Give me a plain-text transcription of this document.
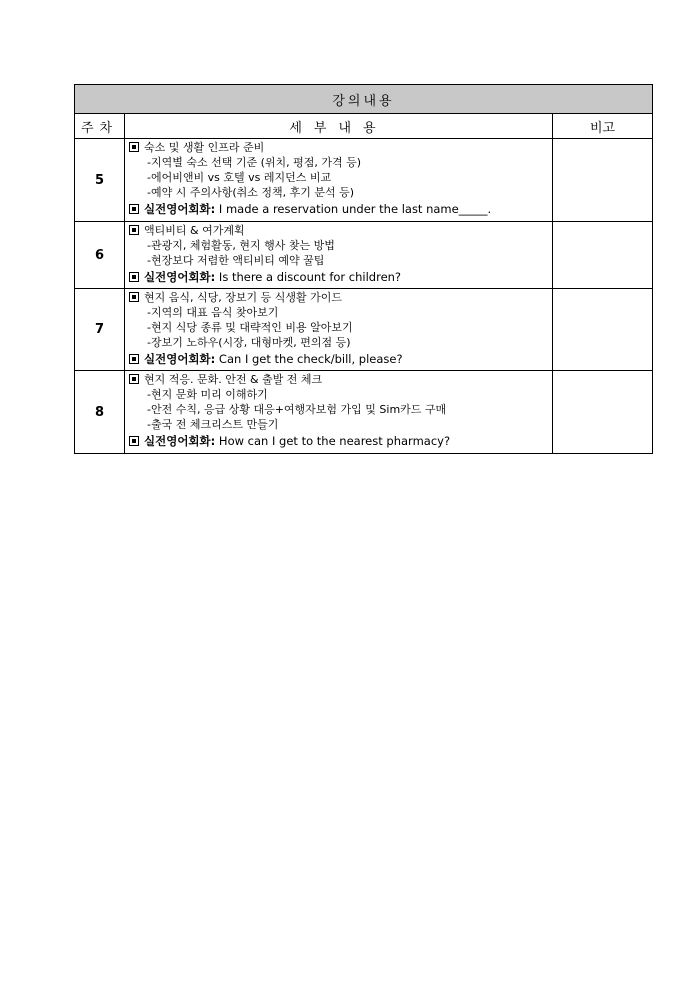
강의내용		
주차	세부내용	비고
5	숙소 및 생활 인프라 준비
-지역별 숙소 선택 기준 (위치, 평점, 가격 등)
-에어비앤비 vs 호텔 vs 레지던스 비교
-예약 시 주의사항(취소 정책, 후기 분석 등)
실전영어회화: I made a reservation under the last name_____.	

6	액티비티 & 여가계획
-관광지, 체험활동, 현지 행사 찾는 방법
-현장보다 저렴한 액티비티 예약 꿀팁
실전영어회화: Is there a discount for children?	

7	현지 음식, 식당, 장보기 등 식생활 가이드
-지역의 대표 음식 찾아보기
-현지 식당 종류 및 대략적인 비용 알아보기
-장보기 노하우(시장, 대형마켓, 편의점 등)
실전영어회화: Can I get the check/bill, please?	

8	현지 적응. 문화. 안전 & 출발 전 체크
-현지 문화 미리 이해하기
-안전 수칙, 응급 상황 대응+여행자보험 가입 및 Sim카드 구매
-출국 전 체크리스트 만들기
실전영어회화: How can I get to the nearest pharmacy?	
